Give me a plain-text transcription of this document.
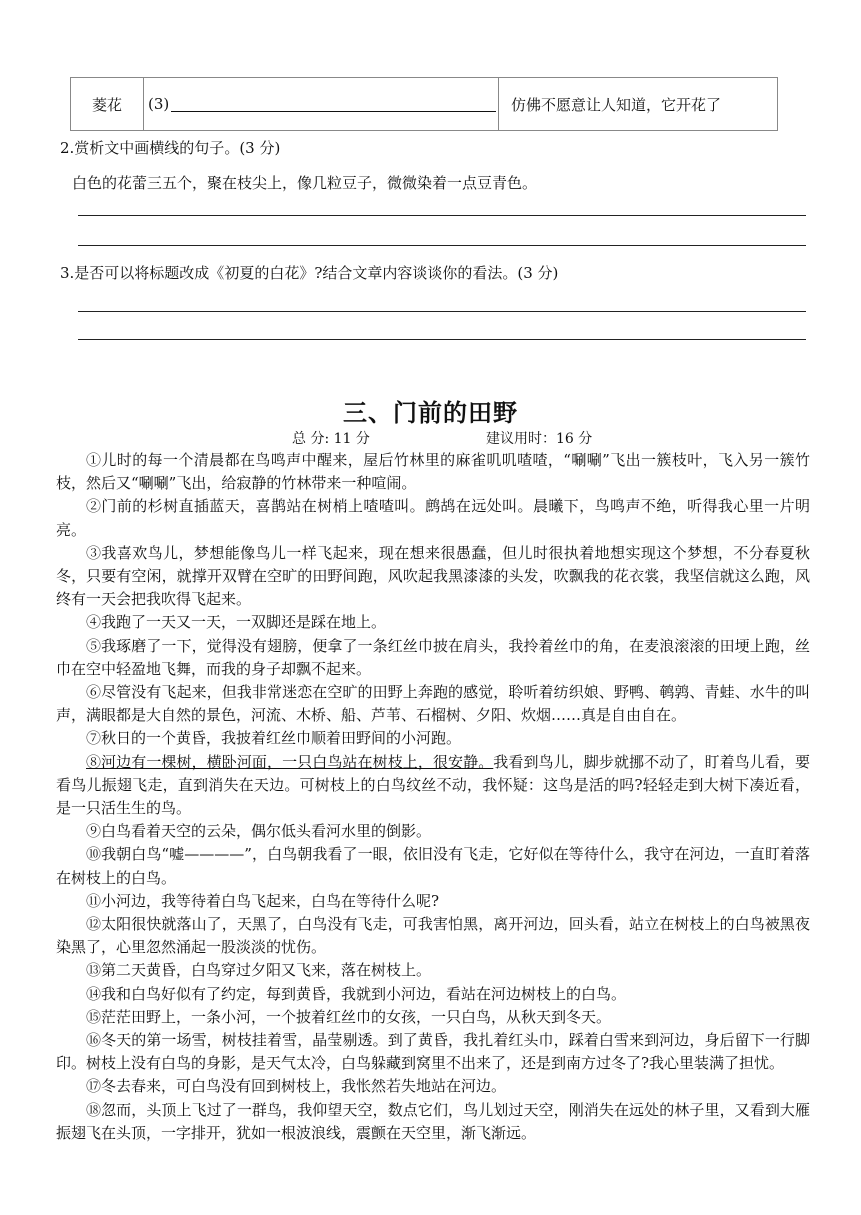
菱花 (3)	仿佛不愿意让人知道，它开花了
2.赏析文中画横线的句子。(3 分)
白色的花蕾三五个，聚在枝尖上，像几粒豆子，微微染着一点豆青色。
3.是否可以将标题改成《初夏的白花》?结合文章内容谈谈你的看法。(3 分)
三、门前的田野
总 分: 11 分	建议用时：16 分

①儿时的每一个清晨都在鸟鸣声中醒来，屋后竹林里的麻雀叽叽喳喳，“唰唰”飞出一簇枝叶，飞入另一簇竹枝，然后又“唰唰”飞出，给寂静的竹林带来一种喧闹。

②门前的杉树直插蓝天，喜鹊站在树梢上喳喳叫。鹧鸪在远处叫。晨曦下，鸟鸣声不绝，听得我心里一片明亮。

③我喜欢鸟儿，梦想能像鸟儿一样飞起来，现在想来很愚蠢，但儿时很执着地想实现这个梦想，不分春夏秋冬，只要有空闲，就撑开双臂在空旷的田野间跑，风吹起我黑漆漆的头发，吹飘我的花衣裳，我坚信就这么跑，风终有一天会把我吹得飞起来。

④我跑了一天又一天，一双脚还是踩在地上。

⑤我琢磨了一下，觉得没有翅膀，便拿了一条红丝巾披在肩头，我拎着丝巾的角，在麦浪滚滚的田埂上跑，丝巾在空中轻盈地飞舞，而我的身子却飘不起来。

⑥尽管没有飞起来，但我非常迷恋在空旷的田野上奔跑的感觉，聆听着纺织娘、野鸭、鹌鹑、青蛙、水牛的叫声，满眼都是大自然的景色，河流、木桥、船、芦苇、石榴树、夕阳、炊烟……真是自由自在。

⑦秋日的一个黄昏，我披着红丝巾顺着田野间的小河跑。

⑧河边有一棵树，横卧河面，一只白鸟站在树枝上，很安静。我看到鸟儿，脚步就挪不动了，盯着鸟儿看，要看鸟儿振翅飞走，直到消失在天边。可树枝上的白鸟纹丝不动，我怀疑：这鸟是活的吗?轻轻走到大树下凑近看，是一只活生生的鸟。

⑨白鸟看着天空的云朵，偶尔低头看河水里的倒影。

⑩我朝白鸟“嘘————”，白鸟朝我看了一眼，依旧没有飞走，它好似在等待什么，我守在河边，一直盯着落在树枝上的白鸟。

⑪小河边，我等待着白鸟飞起来，白鸟在等待什么呢?

⑫太阳很快就落山了，天黑了，白鸟没有飞走，可我害怕黑，离开河边，回头看，站立在树枝上的白鸟被黑夜染黑了，心里忽然涌起一股淡淡的忧伤。

⑬第二天黄昏，白鸟穿过夕阳又飞来，落在树枝上。

⑭我和白鸟好似有了约定，每到黄昏，我就到小河边，看站在河边树枝上的白鸟。

⑮茫茫田野上，一条小河，一个披着红丝巾的女孩，一只白鸟，从秋天到冬天。

⑯冬天的第一场雪，树枝挂着雪，晶莹剔透。到了黄昏，我扎着红头巾，踩着白雪来到河边，身后留下一行脚印。树枝上没有白鸟的身影，是天气太冷，白鸟躲藏到窝里不出来了，还是到南方过冬了?我心里装满了担忧。

⑰冬去春来，可白鸟没有回到树枝上，我怅然若失地站在河边。

⑱忽而，头顶上飞过了一群鸟，我仰望天空，数点它们，鸟儿划过天空，刚消失在远处的林子里，又看到大雁振翅飞在头顶，一字排开，犹如一根波浪线，震颤在天空里，渐飞渐远。
